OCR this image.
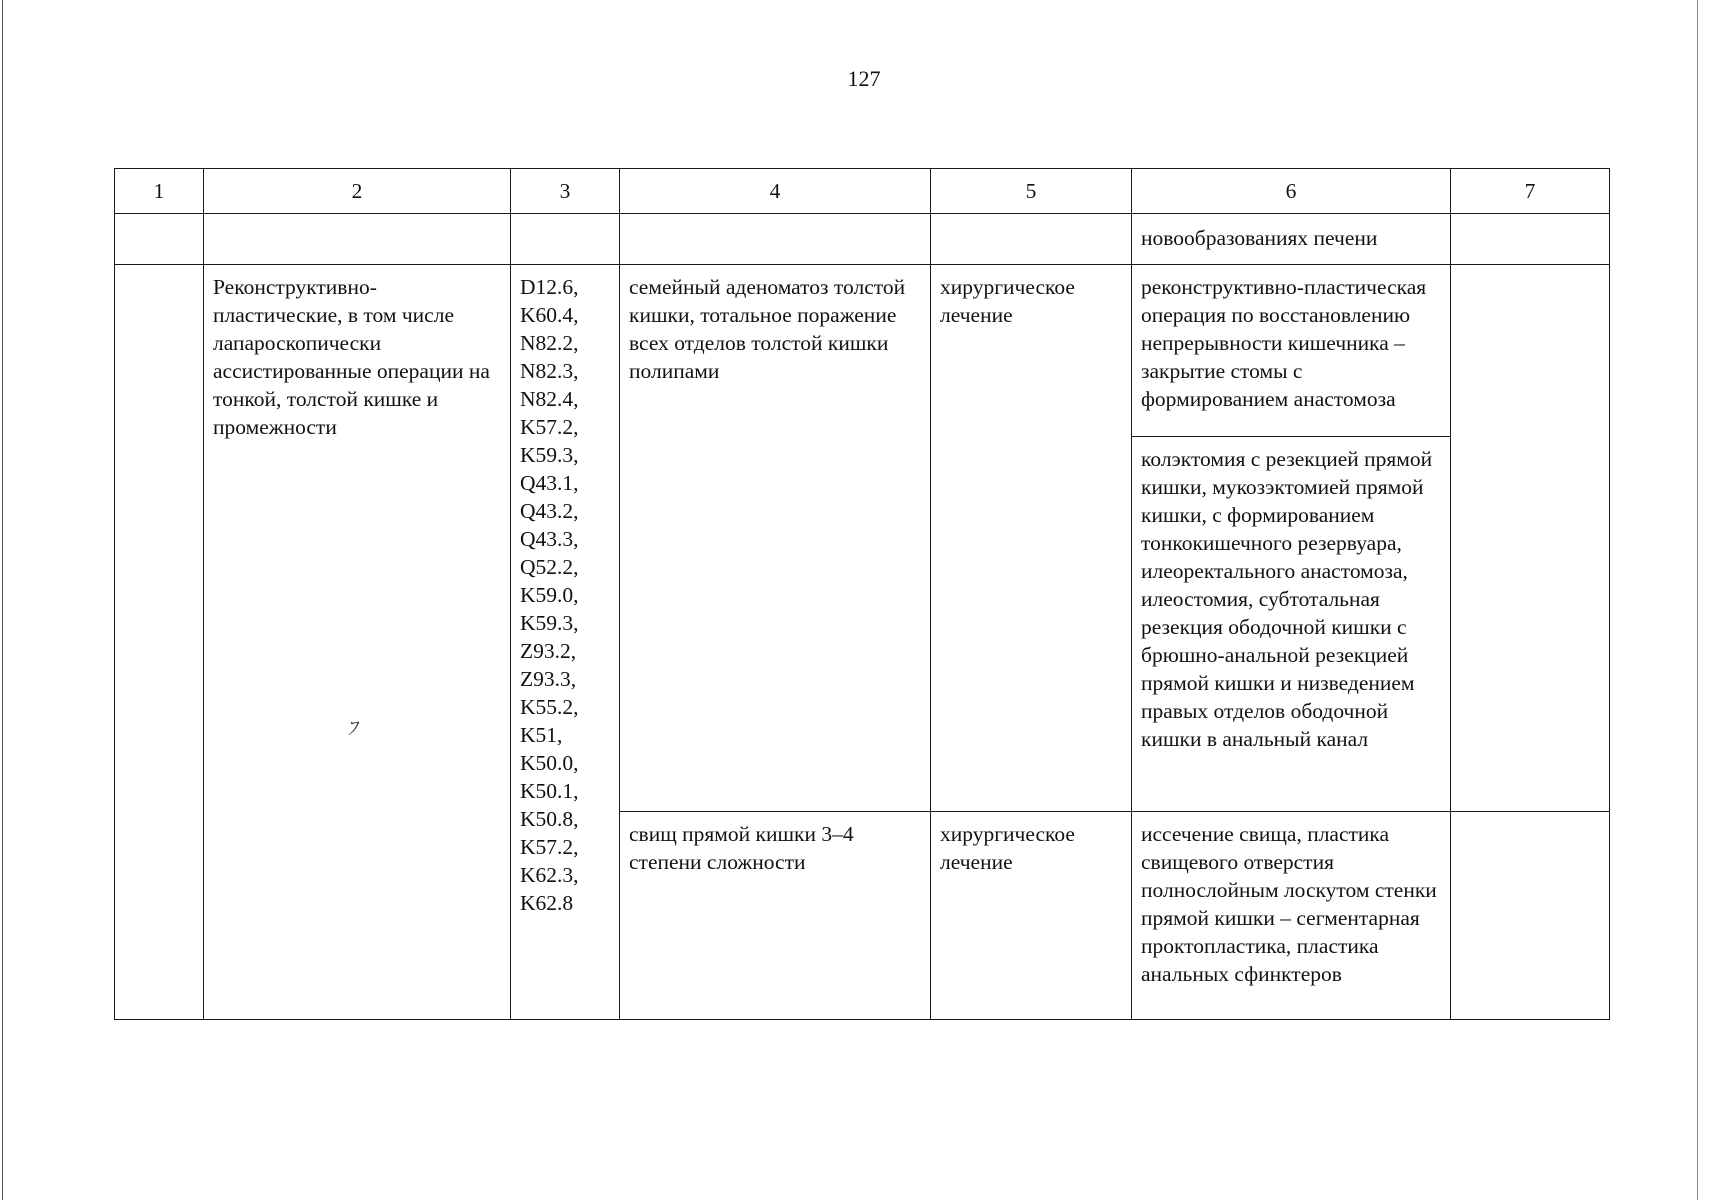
127
1	2	3	4	5	6	7
					новообразованиях печени	
	Реконструктивно-пластические, в том числе лапароскопически ассистированные операции на тонкой, толстой кишке и промежности	D12.6, K60.4, N82.2, N82.3, N82.4, K57.2, K59.3, Q43.1, Q43.2, Q43.3, Q52.2, K59.0, K59.3, Z93.2, Z93.3, K55.2, K51, K50.0, K50.1, K50.8, K57.2, K62.3, K62.8	семейный аденоматоз толстой кишки, тотальное поражение всех отделов толстой кишки полипами	хирургическое лечение	реконструктивно-пластическая операция по восстановлению непрерывности кишечника – закрытие стомы с формированием анастомоза	
					колэктомия с резекцией прямой кишки, мукозэктомией прямой кишки, с формированием тонкокишечного резервуара, илеоректального анастомоза, илеостомия, субтотальная резекция ободочной кишки с брюшно-анальной резекцией прямой кишки и низведением правых отделов ободочной кишки в анальный канал	
			свищ прямой кишки 3–4 степени сложности	хирургическое лечение	иссечение свища, пластика свищевого отверстия полнослойным лоскутом стенки прямой кишки – сегментарная проктопластика, пластика анальных сфинктеров	
ﾌ
